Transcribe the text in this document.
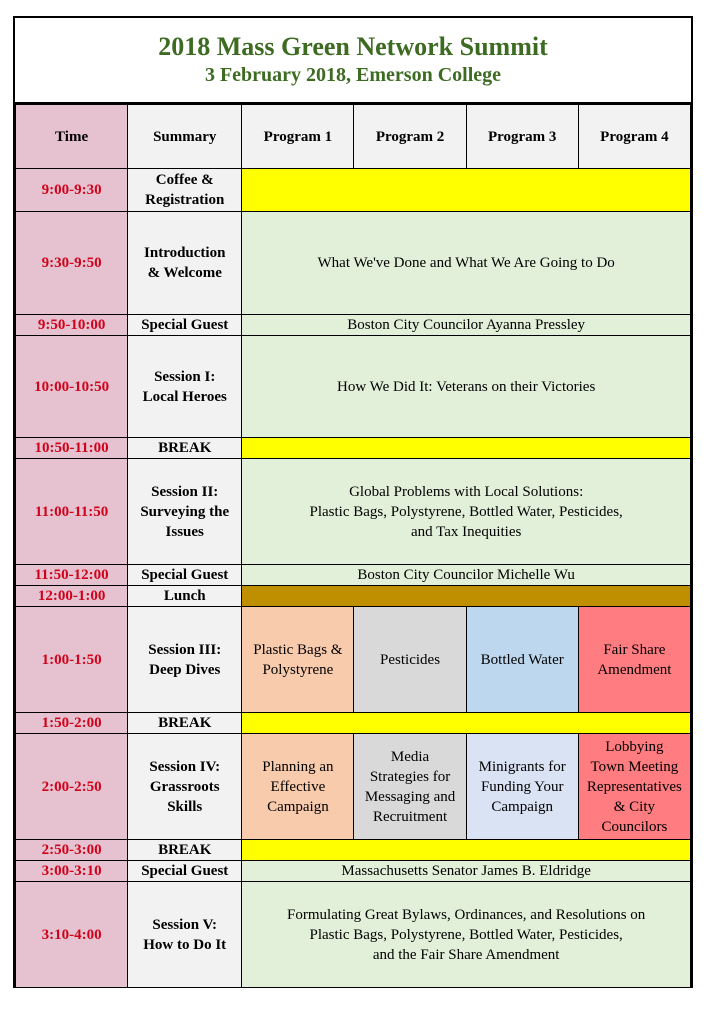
2018 Mass Green Network Summit
3 February 2018, Emerson College
Time	Summary	Program 1	Program 2	Program 3	Program 4
9:00-9:30	Coffee &
Registration				
9:30-9:50	Introduction
& Welcome	What We've Done and What We Are Going to Do			
9:50-10:00	Special Guest	Boston City Councilor Ayanna Pressley			
10:00-10:50	Session I:
Local Heroes	How We Did It: Veterans on their Victories			
10:50-11:00	BREAK				
11:00-11:50	Session II:
Surveying the
Issues	Global Problems with Local Solutions:
Plastic Bags, Polystyrene, Bottled Water, Pesticides,
and Tax Inequities			
11:50-12:00	Special Guest	Boston City Councilor Michelle Wu			
12:00-1:00	Lunch				
1:00-1:50	Session III:
Deep Dives	Plastic Bags &
Polystyrene	Pesticides	Bottled Water	Fair Share
Amendment
1:50-2:00	BREAK				
2:00-2:50	Session IV:
Grassroots
Skills	Planning an
Effective
Campaign	Media
Strategies for
Messaging and
Recruitment	Minigrants for
Funding Your
Campaign	Lobbying
Town Meeting
Representatives
& City
Councilors
2:50-3:00	BREAK				
3:00-3:10	Special Guest	Massachusetts Senator James B. Eldridge			
3:10-4:00	Session V:
How to Do It	Formulating Great Bylaws, Ordinances, and Resolutions on
Plastic Bags, Polystyrene, Bottled Water, Pesticides,
and the Fair Share Amendment			
